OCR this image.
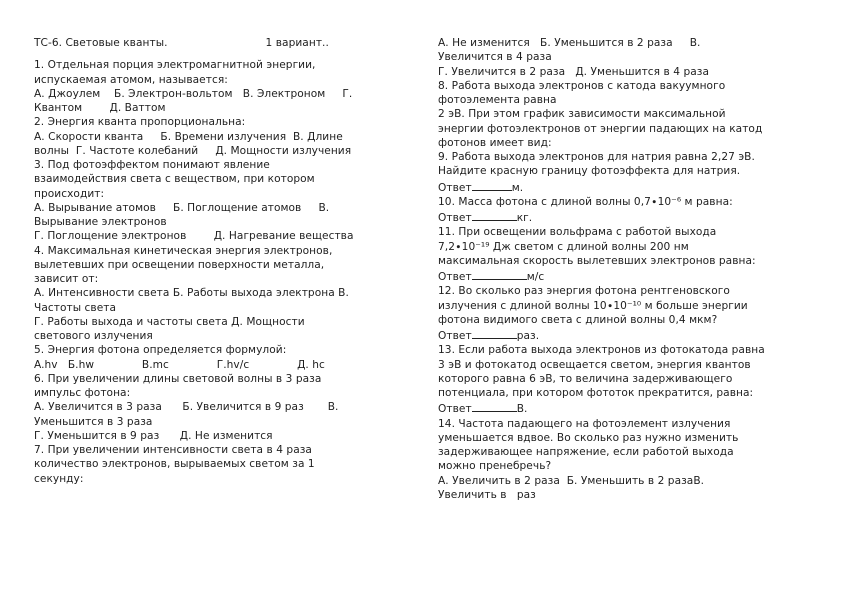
ТС-6. Световые кванты.	1 вариант..
1. Отдельная порция электромагнитной энергии,
испускаемая атомом, называется:
А. Джоулем    Б. Электрон-вольтом   В. Электроном     Г.
Квантом        Д. Ваттом
2. Энергия кванта пропорциональна:
А. Скорости кванта     Б. Времени излучения  В. Длине
волны  Г. Частоте колебаний     Д. Мощности излучения
3. Под фотоэффектом понимают явление
взаимодействия света с веществом, при котором
происходит:
А. Вырывание атомов     Б. Поглощение атомов     В.
Вырывание электронов
Г. Поглощение электронов        Д. Нагревание вещества
4. Максимальная кинетическая энергия электронов,
вылетевших при освещении поверхности металла,
зависит от:
А. Интенсивности света Б. Работы выхода электрона В.
Частоты света
Г. Работы выхода и частоты света Д. Мощности
светового излучения
5. Энергия фотона определяется формулой:
A.hv   Б.hw              B.mc              Г.hv/c              Д. hc
6. При увеличении длины световой волны в 3 раза
импульс фотона:
А. Увеличится в 3 раза      Б. Увеличится в 9 раз       В.
Уменьшится в 3 раза
Г. Уменьшится в 9 раз      Д. Не изменится
7. При увеличении интенсивности света в 4 раза
количество электронов, вырываемых светом за 1
секунду:
А. Не изменится   Б. Уменьшится в 2 раза     В.
Увеличится в 4 раза
Г. Увеличится в 2 раза   Д. Уменьшится в 4 раза
8. Работа выхода электронов с катода вакуумного
фотоэлемента равна
2 эВ. При этом график зависимости максимальной
энергии фотоэлектронов от энергии падающих на катод
фотонов имеет вид:
9. Работа выхода электронов для натрия равна 2,27 эВ.
Найдите красную границу фотоэффекта для натрия.
Ответ	м.
10. Масса фотона с длиной волны 0,7∙10⁻⁶ м равна:
Ответ	кг.
11. При освещении вольфрама с работой выхода
7,2∙10⁻¹⁹ Дж светом с длиной волны 200 нм
максимальная скорость вылетевших электронов равна:
Ответ	м/с
12. Во сколько раз энергия фотона рентгеновского
излучения с длиной волны 10∙10⁻¹⁰ м больше энергии
фотона видимого света с длиной волны 0,4 мкм?
Ответ	раз.
13. Если работа выхода электронов из фотокатода равна
3 эВ и фотокатод освещается светом, энергия квантов
которого равна 6 эВ, то величина задерживающего
потенциала, при котором фототок прекратится, равна:
Ответ	В.
14. Частота падающего на фотоэлемент излучения
уменьшается вдвое. Во сколько раз нужно изменить
задерживающее напряжение, если работой выхода
можно пренебречь?
А. Увеличить в 2 раза  Б. Уменьшить в 2 разаВ.
Увеличить в   раз
